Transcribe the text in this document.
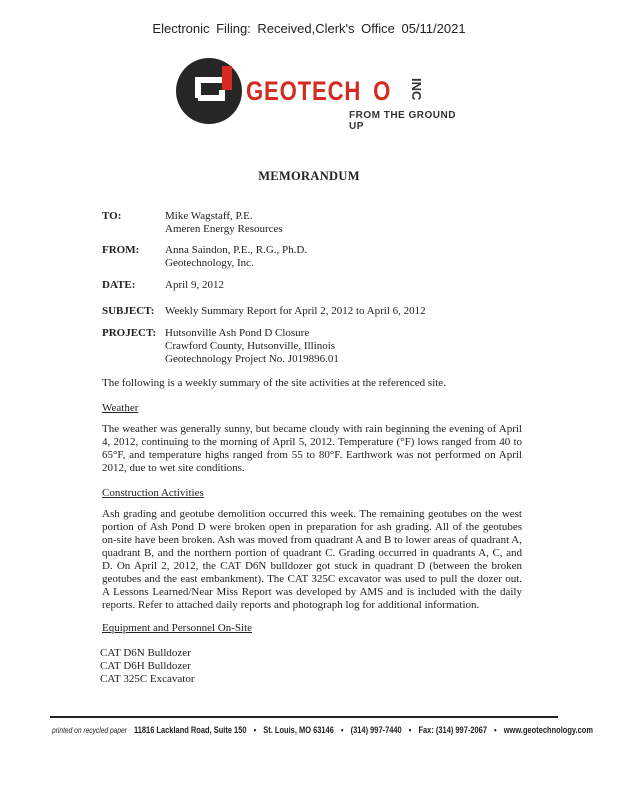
Electronic Filing: Received,Clerk's Office 05/11/2021
GEOTECH O INC
FROM THE GROUND UP
MEMORANDUM
TO:	Mike Wagstaff, P.E.
Ameren Energy Resources
FROM:	Anna Saindon, P.E., R.G., Ph.D.
Geotechnology, Inc.
DATE:	April 9, 2012
SUBJECT: Weekly Summary Report for April 2, 2012 to April 6, 2012
PROJECT: Hutsonville Ash Pond D Closure
Crawford County, Hutsonville, Illinois
Geotechnology Project No. J019896.01

The following is a weekly summary of the site activities at the referenced site.

Weather

The weather was generally sunny, but became cloudy with rain beginning the evening of April 4, 2012, continuing to the morning of April 5, 2012. Temperature (°F) lows ranged from 40 to 65°F, and temperature highs ranged from 55 to 80°F. Earthwork was not performed on April 2012, due to wet site conditions.

Construction Activities

Ash grading and geotube demolition occurred this week. The remaining geotubes on the west portion of Ash Pond D were broken open in preparation for ash grading. All of the geotubes on-site have been broken. Ash was moved from quadrant A and B to lower areas of quadrant A, quadrant B, and the northern portion of quadrant C. Grading occurred in quadrants A, C, and D. On April 2, 2012, the CAT D6N bulldozer got stuck in quadrant D (between the broken geotubes and the east embankment). The CAT 325C excavator was used to pull the dozer out. A Lessons Learned/Near Miss Report was developed by AMS and is included with the daily reports. Refer to attached daily reports and photograph log for additional information.

Equipment and Personnel On-Site
CAT D6N Bulldozer
CAT D6H Bulldozer
CAT 325C Excavator
printed on recycled paper 11816 Lackland Road, Suite 150 • St. Louis, MO 63146 • (314) 997-7440 • Fax: (314) 997-2067 • www.geotechnology.com
